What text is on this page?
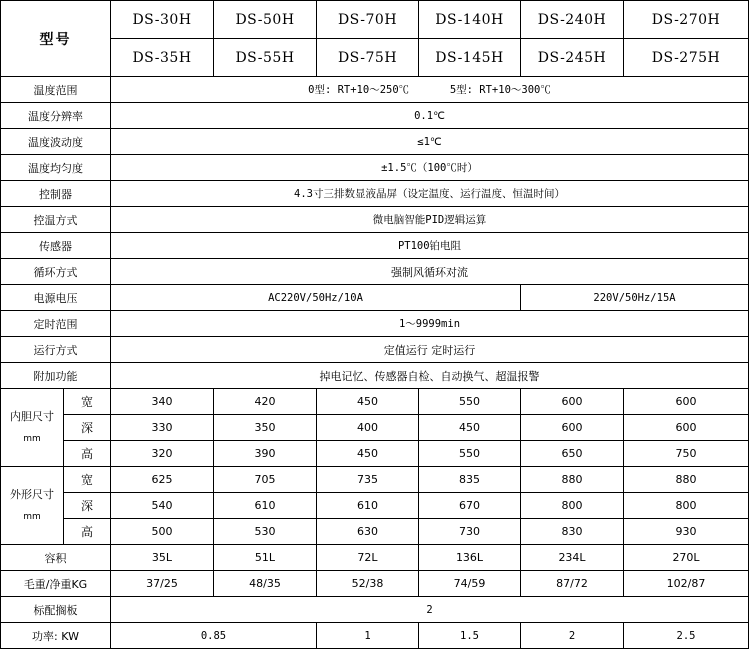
型号		DS-30H	DS-50H	DS-70H	DS-140H	DS-240H	DS-270H
		DS-35H	DS-55H	DS-75H	DS-145H	DS-245H	DS-275H
温度范围		0型: RT+10～250℃ 5型: RT+10～300℃					
温度分辨率		0.1℃					
温度波动度		≤1℃					
温度均匀度		±1.5℃（100℃时）					
控制器		4.3寸三排数显液晶屏（设定温度、运行温度、恒温时间）					
控温方式		微电脑智能PID逻辑运算					
传感器		PT100铂电阻					
循环方式		强制风循环对流					
电源电压		AC220V/50Hz/10A				220V/50Hz/15A	
定时范围		1～9999min					
运行方式		定值运行 定时运行					
附加功能		掉电记忆、传感器自检、自动换气、超温报警					
内胆尺寸
mm	宽	340	420	450	550	600	600
	深	330	350	400	450	600	600
	高	320	390	450	550	650	750
外形尺寸
mm	宽	625	705	735	835	880	880
	深	540	610	610	670	800	800
	高	500	530	630	730	830	930
容积		35L	51L	72L	136L	234L	270L
毛重/净重KG		37/25	48/35	52/38	74/59	87/72	102/87
标配搁板		2					
功率: KW		0.85		1	1.5	2	2.5
